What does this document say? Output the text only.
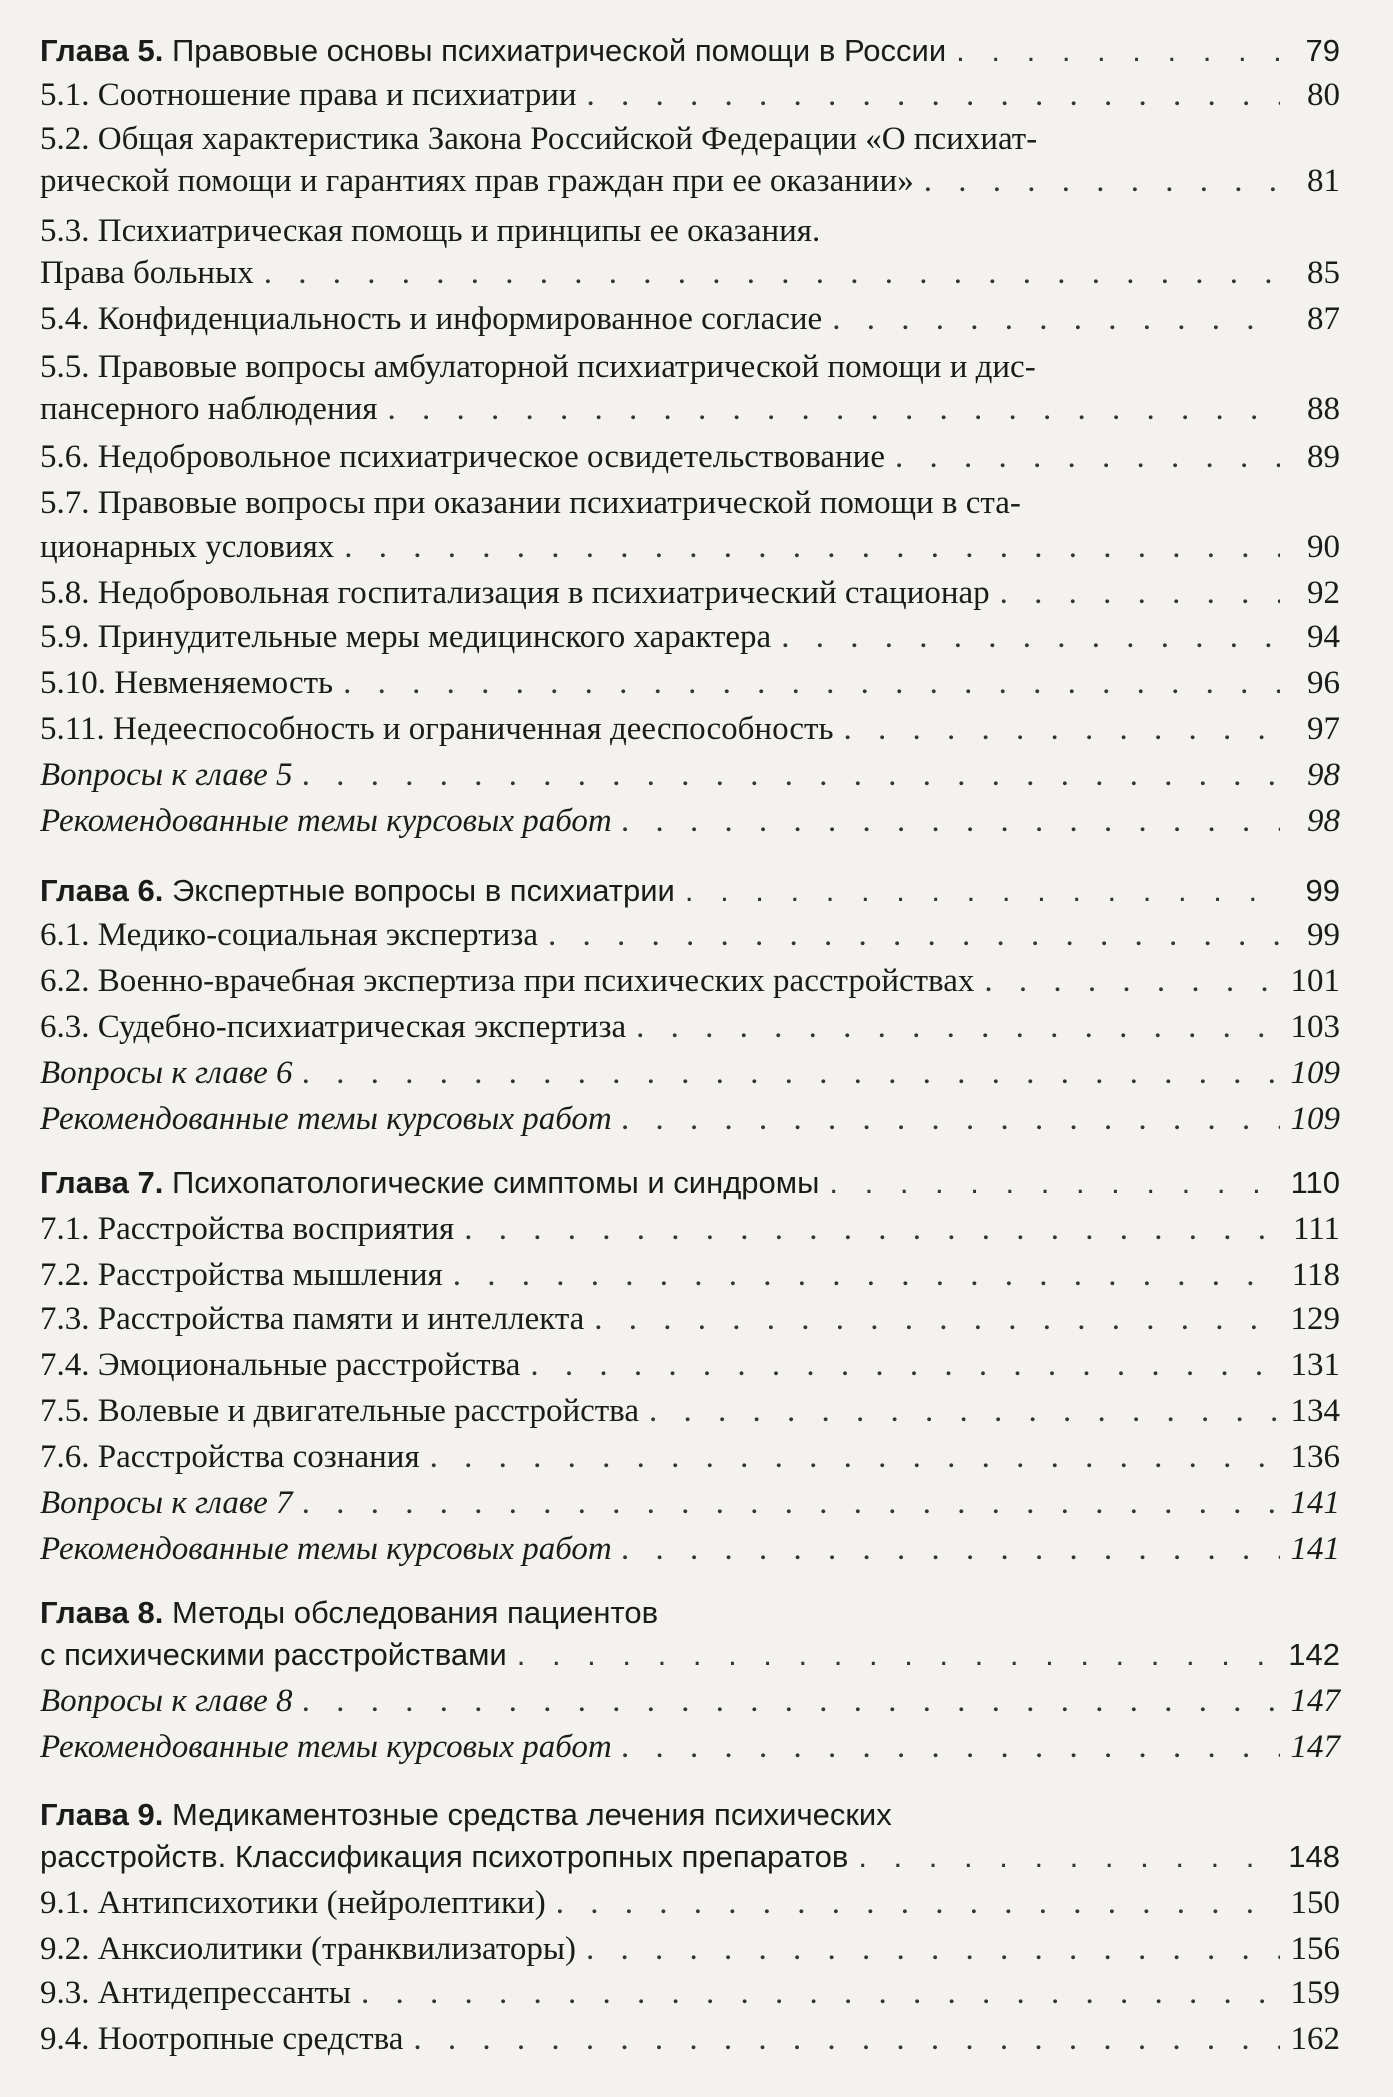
Глава 5. Правовые основы психиатрической помощи в России . . .	79
5.1. Соотношение права и психиатрии . . .	80
5.2. Общая характеристика Закона Российской Федерации «О психиат-
рической помощи и гарантиях прав граждан при ее оказании» . . .	81
5.3. Психиатрическая помощь и принципы ее оказания.
Права больных . . .	85
5.4. Конфиденциальность и информированное согласие . . .	87
5.5. Правовые вопросы амбулаторной психиатрической помощи и дис-
пансерного наблюдения . . .	88
5.6. Недобровольное психиатрическое освидетельствование . . .	89
5.7. Правовые вопросы при оказании психиатрической помощи в ста-
ционарных условиях . . .	90
5.8. Недобровольная госпитализация в психиатрический стационар . . .	92
5.9. Принудительные меры медицинского характера . . .	94
5.10. Невменяемость . . .	96
5.11. Недееспособность и ограниченная дееспособность . . .	97
Вопросы к главе 5 . . .	98
Рекомендованные темы курсовых работ . . .	98
Глава 6. Экспертные вопросы в психиатрии . . .	99
6.1. Медико-социальная экспертиза . . .	99
6.2. Военно-врачебная экспертиза при психических расстройствах . . .	101
6.3. Судебно-психиатрическая экспертиза . . .	103
Вопросы к главе 6 . . .	109
Рекомендованные темы курсовых работ . . .	109
Глава 7. Психопатологические симптомы и синдромы . . .	110
7.1. Расстройства восприятия . . .	111
7.2. Расстройства мышления . . .	118
7.3. Расстройства памяти и интеллекта . . .	129
7.4. Эмоциональные расстройства . . .	131
7.5. Волевые и двигательные расстройства . . .	134
7.6. Расстройства сознания . . .	136
Вопросы к главе 7 . . .	141
Рекомендованные темы курсовых работ . . .	141
Глава 8. Методы обследования пациентов
с психическими расстройствами . . .	142
Вопросы к главе 8 . . .	147
Рекомендованные темы курсовых работ . . .	147
Глава 9. Медикаментозные средства лечения психических
расстройств. Классификация психотропных препаратов . . .	148
9.1. Антипсихотики (нейролептики) . . .	150
9.2. Анксиолитики (транквилизаторы) . . .	156
9.3. Антидепрессанты . . .	159
9.4. Ноотропные средства . . .	162
